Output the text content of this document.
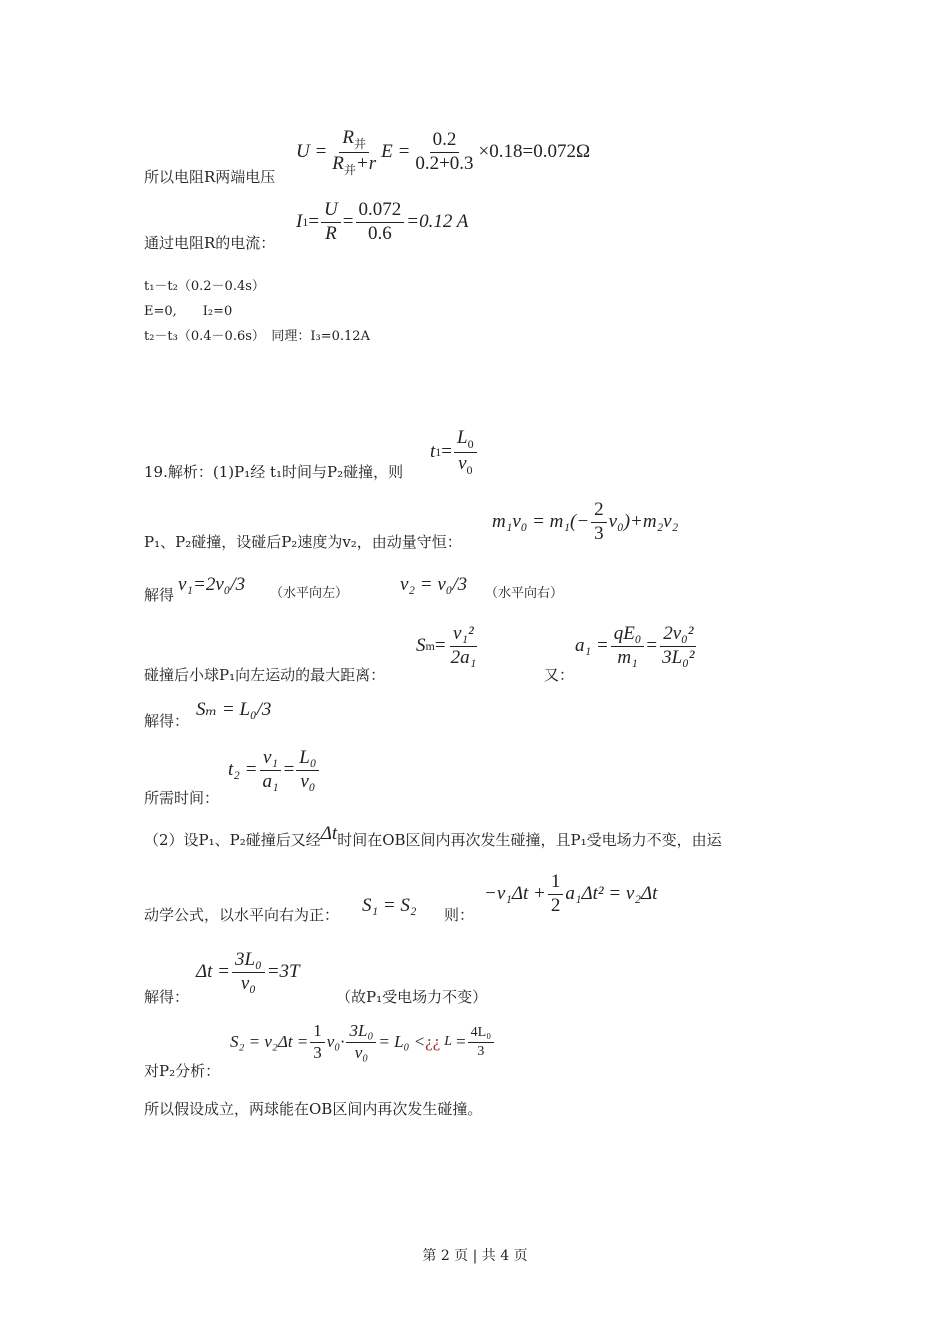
$U = \frac{R_并}{R_并+r}$ $E = \frac{0.2}{0.2+0.3} \times 0.18=0.072\Omega$
所以电阻R两端电压
I $1 = \frac{U}{R} = \frac{0.072}{0.6} =0.12$ A
通过电阻R的电流：
t₁－t₂（0.2－0.4s）
E=0,　　I₂=0
t₂－t₃（0.4－0.6s）　同理：I₃=0.12A
t $1 = \frac{L_0}{v_0}$
19.解析：(1)P₁经 t₁时间与P₂碰撞，则
$m_1v_0 = m_1(- \frac{2}{3} v_0)+m_2v_2$
P₁、P₂碰撞，设碰后P₂速度为v₂，由动量守恒：
解得 v₁=2v₀/3 （水平向左）	v₂ = v₀/3 （水平向右）
S $m = \frac{\text{v₁²}}{\text{2a₁}}$	$a_1 = \frac{\text{qE₀}}{\text{m₁}} = \frac{\text{2v₀²}}{\text{3L₀²}}$
碰撞后小球P₁向左运动的最大距离：	又：
解得：
Sₘ = L₀/3
$t_2 = \frac{\text{v₁}}{\text{a₁}} = \frac{\text{L₀}}{\text{v₀}}$
所需时间：
（2）设P₁、P₂碰撞后又经Δt时间在OB区间内再次发生碰撞，且P₁受电场力不变，由运
$-v_1\Delta t + \frac{1}{2} a_1\Delta t^2 = v_2\Delta t$
S₁ = S₂
动学公式，以水平向右为正：	则：
$\Delta t = \frac{\text{3L₀}}{\text{v₀}} =3T$
解得：	（故P₁受电场力不变）
$S_2 = v_2\Delta t = \frac{1}{3} v_0\cdot \frac{\text{3L₀}}{\text{v₀}} = L_0$ < ¿¿ $L = \frac{\text{4L₀}}{3}$
对P₂分析：
所以假设成立，两球能在OB区间内再次发生碰撞。
第 2 页 | 共 4 页
